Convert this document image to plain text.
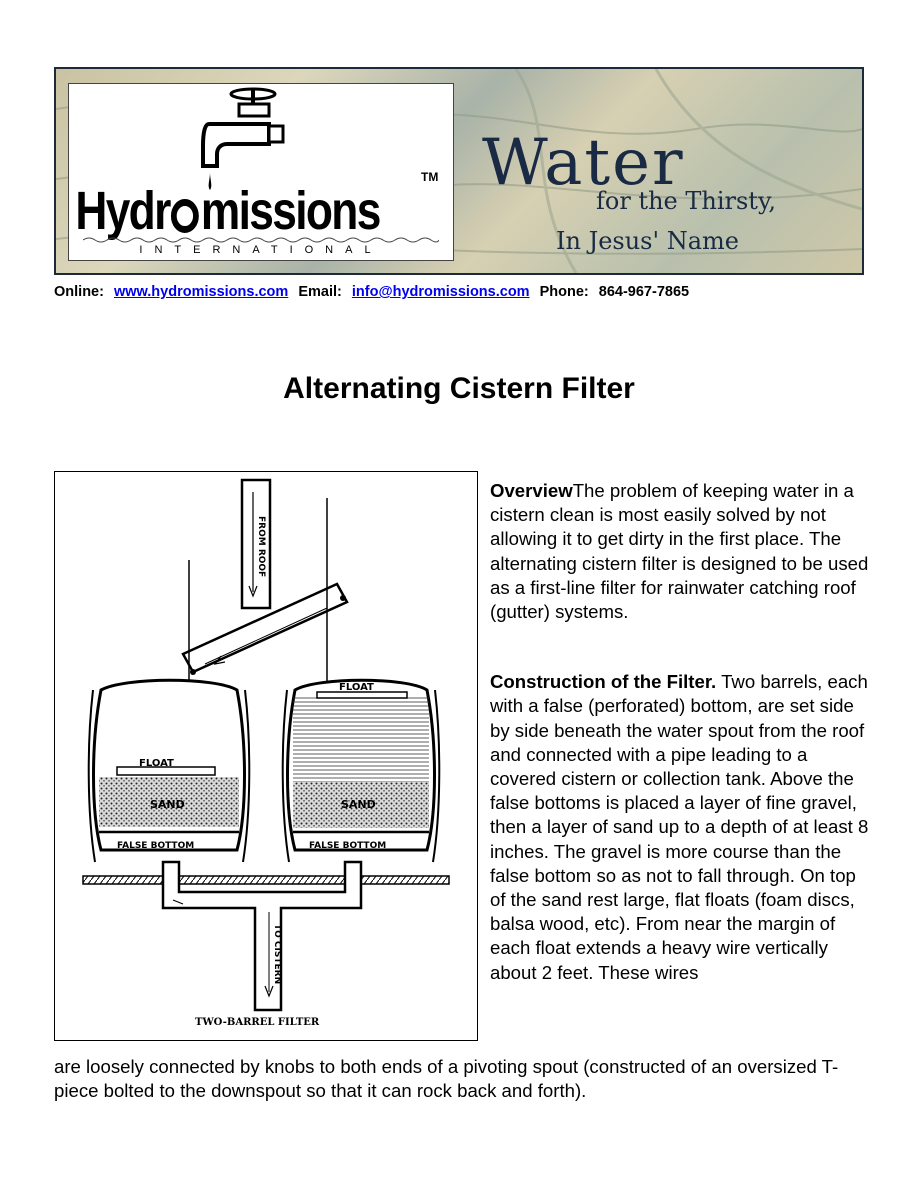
Hydr missions
TM
INTERNATIONAL
Water
for the Thirsty,
In Jesus' Name
Online: www.hydromissions.com Email: info@hydromissions.com Phone: 864-967-7865
Alternating Cistern Filter
FROM ROOF
FLOAT
SAND
FALSE BOTTOM
FLOAT
SAND
FALSE BOTTOM
TO CISTERN
TWO-BARREL FILTER

OverviewThe problem of keeping water in a cistern clean is most easily solved by not allowing it to get dirty in the first place. The alternating cistern filter is designed to be used as a first-line filter for rainwater catching roof (gutter) systems.

Construction of the Filter. Two barrels, each with a false (perforated) bottom, are set side by side beneath the water spout from the roof and connected with a pipe leading to a covered cistern or collection tank. Above the false bottoms is placed a layer of fine gravel, then a layer of sand up to a depth of at least 8 inches. The gravel is more course than the false bottom so as not to fall through. On top of the sand rest large, flat floats (foam discs, balsa wood, etc). From near the margin of each float extends a heavy wire vertically about 2 feet. These wires

are loosely connected by knobs to both ends of a pivoting spout (constructed of an oversized T-piece bolted to the downspout so that it can rock back and forth).
